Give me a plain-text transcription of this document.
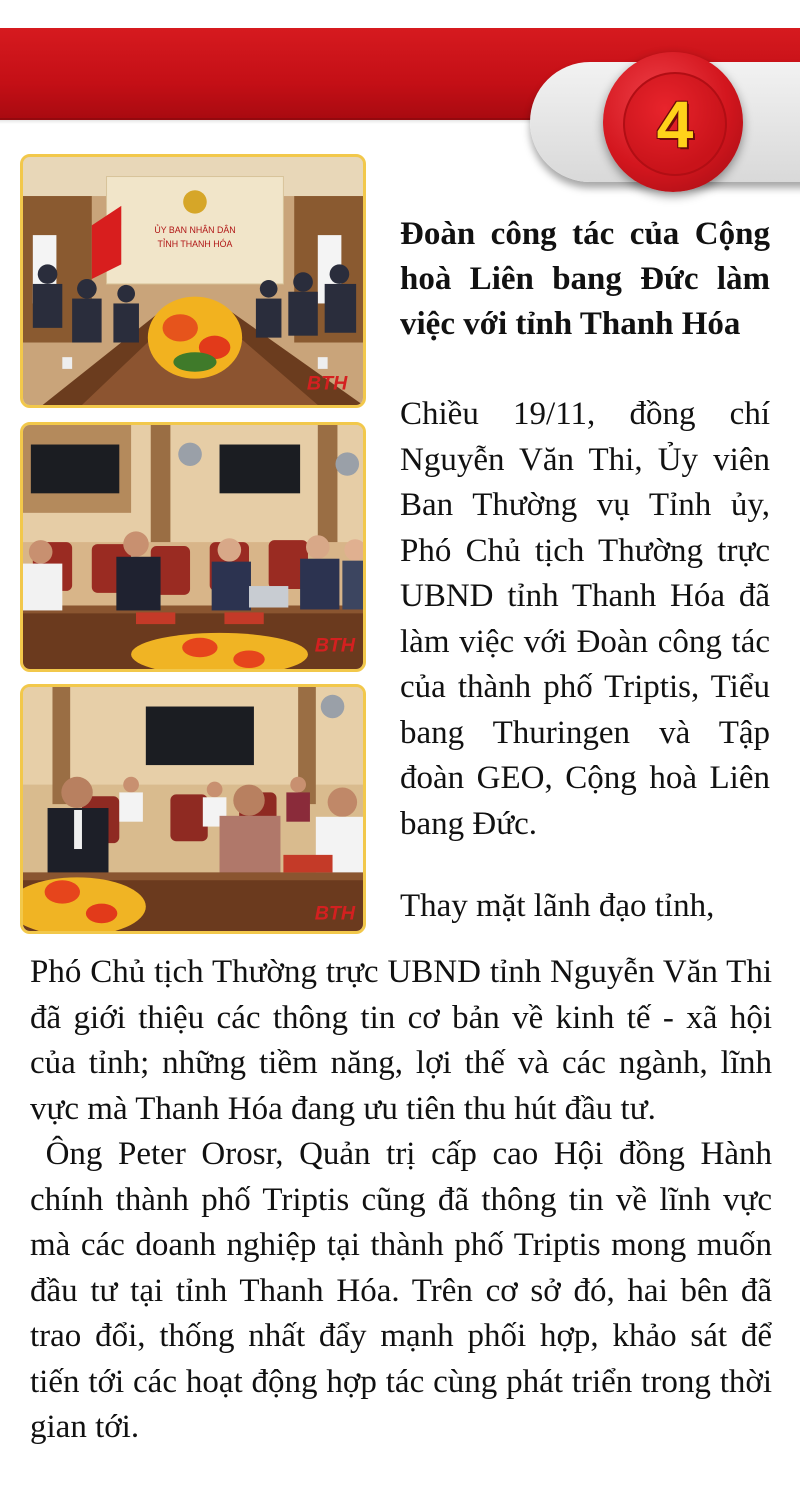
4
ỦY BAN NHÂN DÂN
TỈNH THANH HÓA
BTH
BTH
BTH
Đoàn công tác của Cộng hoà Liên bang Đức làm việc với tỉnh Thanh Hóa
Chiều 19/11, đồng chí Nguyễn Văn Thi, Ủy viên Ban Thường vụ Tỉnh ủy, Phó Chủ tịch Thường trực UBND tỉnh Thanh Hóa đã làm việc với Đoàn công tác của thành phố Triptis, Tiểu bang Thuringen và Tập đoàn GEO, Cộng hoà Liên bang Đức.
Thay mặt lãnh đạo tỉnh,

Phó Chủ tịch Thường trực UBND tỉnh Nguyễn Văn Thi đã giới thiệu các thông tin cơ bản về kinh tế - xã hội của tỉnh; những tiềm năng, lợi thế và các ngành, lĩnh vực mà Thanh Hóa đang ưu tiên thu hút đầu tư.

Ông Peter Orosr, Quản trị cấp cao Hội đồng Hành chính thành phố Triptis cũng đã thông tin về lĩnh vực mà các doanh nghiệp tại thành phố Triptis mong muốn đầu tư tại tỉnh Thanh Hóa. Trên cơ sở đó, hai bên đã trao đổi, thống nhất đẩy mạnh phối hợp, khảo sát để tiến tới các hoạt động hợp tác cùng phát triển trong thời gian tới.
